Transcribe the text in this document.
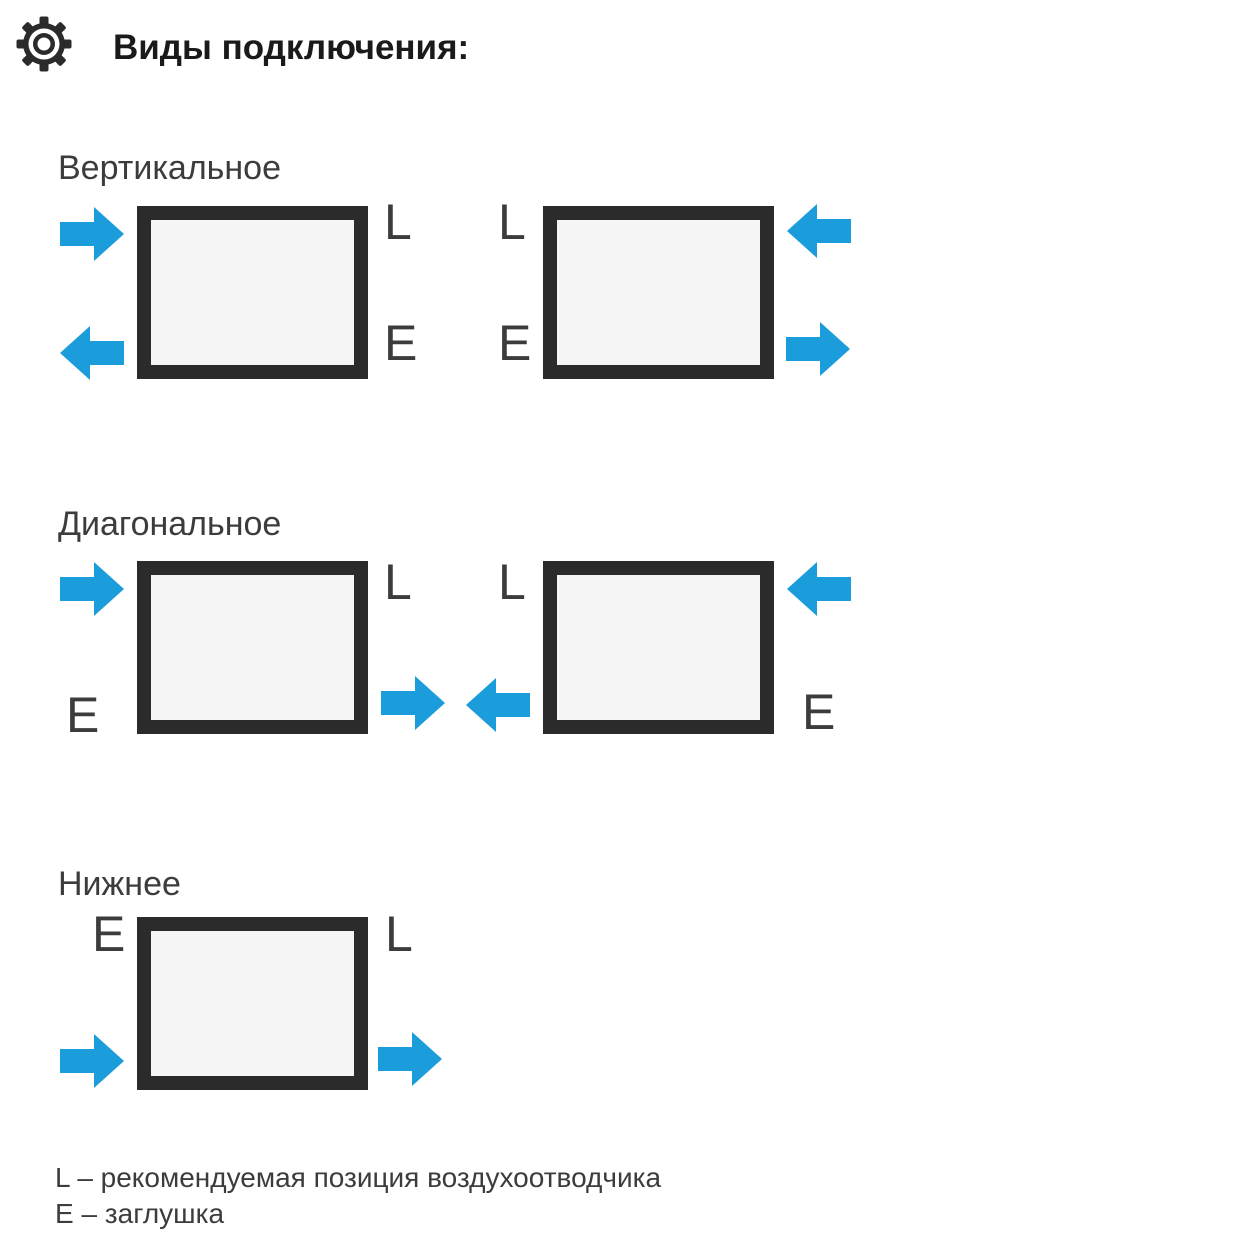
Виды подключения:
Вертикальное
L
E
L
E
Диагональное
E
L L
E
Нижнее
E	L
L – рекомендуемая позиция воздухоотводчика
E – заглушка
